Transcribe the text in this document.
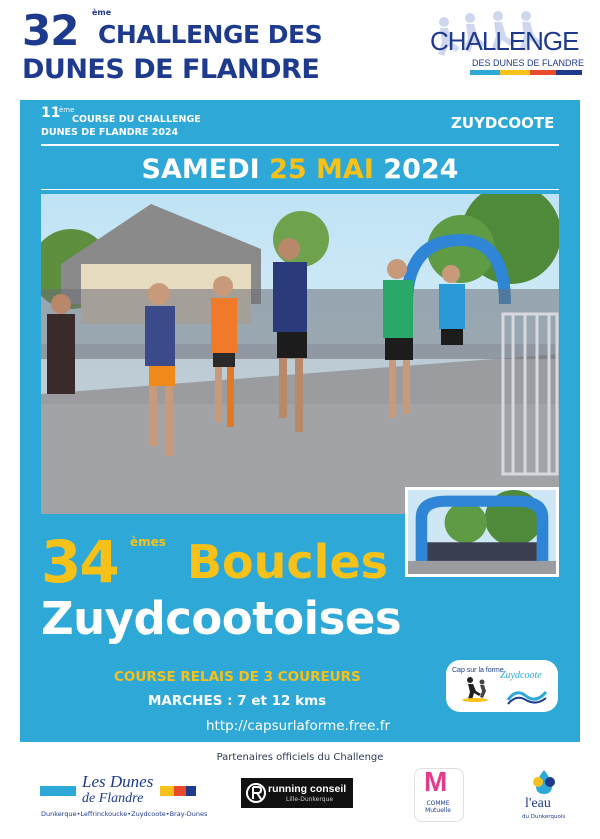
32 ème
CHALLENGE DES
DUNES DE FLANDRE
CHALLENGE
DES DUNES DE FLANDRE
11
ème
COURSE DU CHALLENGE
DUNES DE FLANDRE 2024
ZUYDCOOTE
SAMEDI 25 MAI 2024
34 èmes Boucles
Zuydcootoises
COURSE RELAIS DE 3 COUREURS
MARCHES : 7 et 12 kms
http://capsurlaforme.free.fr
Cap sur la forme
Zuydcoote
Partenaires officiels du Challenge
Les Dunes
de Flandre
Dunkerque•Leffrinckoucke•Zuydcoote•Bray-Dunes
running conseil
Lille-Dunkerque
M
COMME Mutuelle	l'eau
du Dunkerquois
